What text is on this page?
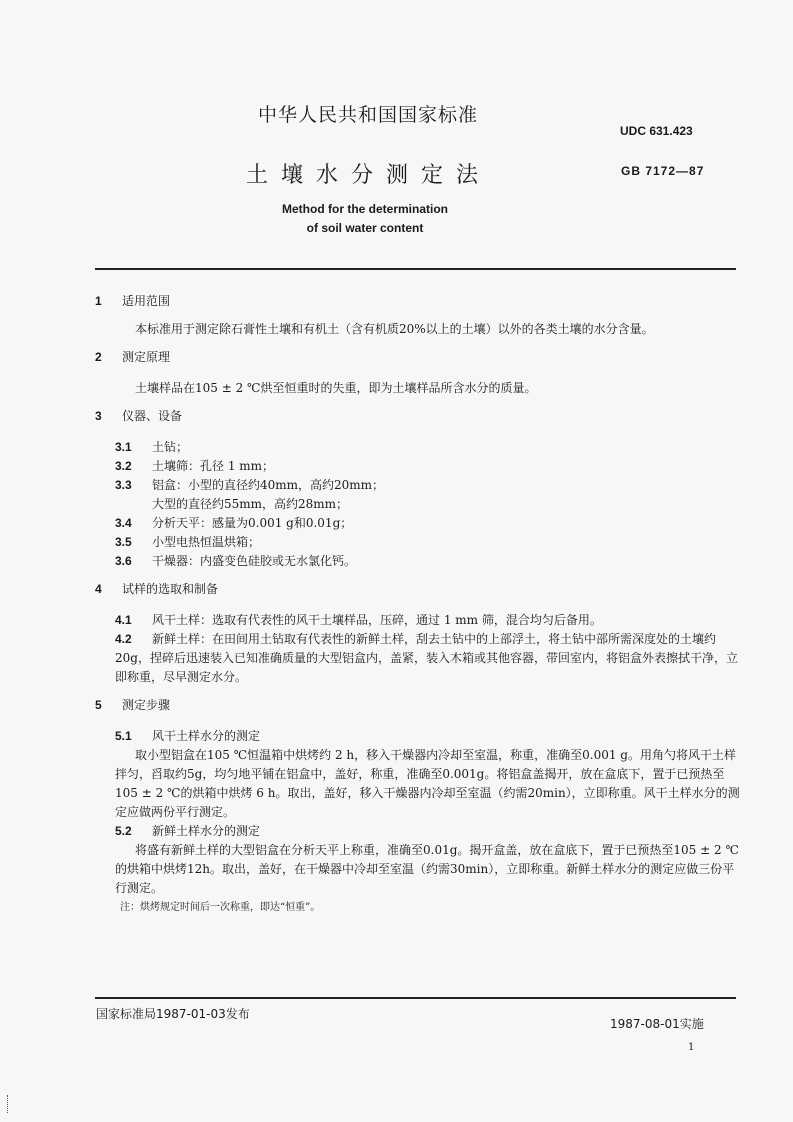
中华人民共和国国家标准
UDC 631.423
土壤水分测定法	GB 7172—87
Method for the determination
of soil water content

1 适用范围

本标准用于测定除石膏性土壤和有机土（含有机质20%以上的土壤）以外的各类土壤的水分含量。

2 测定原理

土壤样品在105 ± 2 ℃烘至恒重时的失重，即为土壤样品所含水分的质量。

3 仪器、设备

3.1	土钻；
3.2	土壤筛：孔径 1 mm；
3.3	铝盒：小型的直径约40mm，高约20mm；
大型的直径约55mm，高约28mm；
3.4	分析天平：感量为0.001 g和0.01g；
3.5	小型电热恒温烘箱；
3.6	干燥器：内盛变色硅胶或无水氯化钙。

4 试样的选取和制备

4.1	风干土样：选取有代表性的风干土壤样品，压碎，通过 1 mm 筛，混合均匀后备用。
4.2 新鲜土样：在田间用土钻取有代表性的新鲜土样，刮去土钻中的上部浮土，将土钻中部所需深度处的土壤约20g，捏碎后迅速装入已知准确质量的大型铝盒内，盖紧，装入木箱或其他容器，带回室内，将铝盒外表擦拭干净，立即称重，尽早测定水分。

5 测定步骤

5.1 风干土样水分的测定

取小型铝盒在105 ℃恒温箱中烘烤约 2 h，移入干燥器内冷却至室温，称重，准确至0.001 g。用角勺将风干土样拌匀，舀取约5g，均匀地平铺在铝盒中，盖好，称重，准确至0.001g。将铝盒盖揭开，放在盒底下，置于已预热至105 ± 2 ℃的烘箱中烘烤 6 h。取出，盖好，移入干燥器内冷却至室温（约需20min），立即称重。风干土样水分的测定应做两份平行测定。

5.2 新鲜土样水分的测定

将盛有新鲜土样的大型铝盒在分析天平上称重，准确至0.01g。揭开盒盖，放在盒底下，置于已预热至105 ± 2 ℃的烘箱中烘烤12h。取出，盖好，在干燥器中冷却至室温（约需30min），立即称重。新鲜土样水分的测定应做三份平行测定。

注：烘烤规定时间后一次称重，即达“恒重”。

国家标准局1987-01-03发布
1987-08-01实施
1
